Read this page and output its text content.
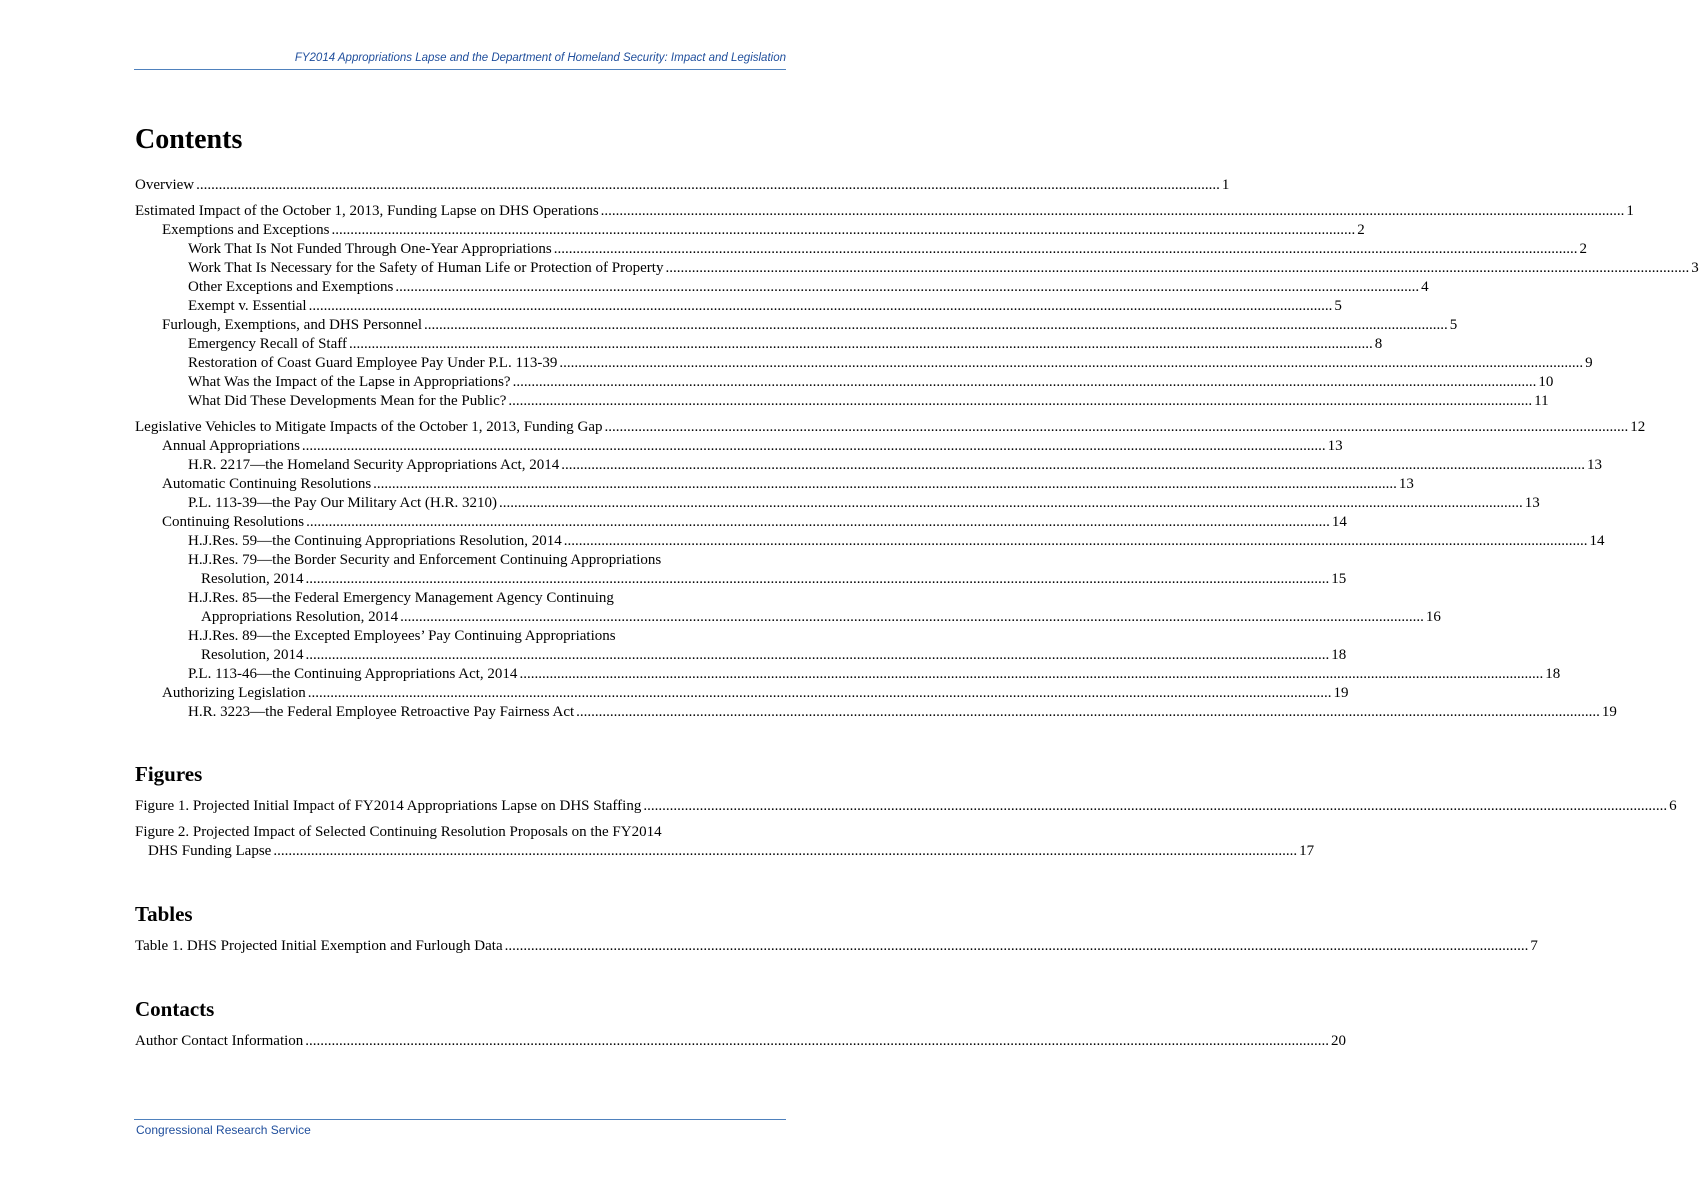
FY2014 Appropriations Lapse and the Department of Homeland Security: Impact and Legislation
Contents
Overview .....	1
Estimated Impact of the October 1, 2013, Funding Lapse on DHS Operations .....	1
Exemptions and Exceptions .....	2
Work That Is Not Funded Through One-Year Appropriations .....	2
Work That Is Necessary for the Safety of Human Life or Protection of Property .....	3
Other Exceptions and Exemptions .....	4
Exempt v. Essential .....	5
Furlough, Exemptions, and DHS Personnel .....	5
Emergency Recall of Staff .....	8
Restoration of Coast Guard Employee Pay Under P.L. 113-39 .....	9
What Was the Impact of the Lapse in Appropriations? .....	10
What Did These Developments Mean for the Public? .....	11
Legislative Vehicles to Mitigate Impacts of the October 1, 2013, Funding Gap .....	12
Annual Appropriations .....	13
H.R. 2217—the Homeland Security Appropriations Act, 2014 .....	13
Automatic Continuing Resolutions .....	13
P.L. 113-39—the Pay Our Military Act (H.R. 3210) .....	13
Continuing Resolutions .....	14
H.J.Res. 59—the Continuing Appropriations Resolution, 2014 .....	14
H.J.Res. 79—the Border Security and Enforcement Continuing Appropriations
Resolution, 2014 .....	15
H.J.Res. 85—the Federal Emergency Management Agency Continuing
Appropriations Resolution, 2014 .....	16
H.J.Res. 89—the Excepted Employees’ Pay Continuing Appropriations
Resolution, 2014 .....	18
P.L. 113-46—the Continuing Appropriations Act, 2014 .....	18
Authorizing Legislation .....	19
H.R. 3223—the Federal Employee Retroactive Pay Fairness Act .....	19
Figures
Figure 1. Projected Initial Impact of FY2014 Appropriations Lapse on DHS Staffing .....	6
Figure 2. Projected Impact of Selected Continuing Resolution Proposals on the FY2014
DHS Funding Lapse .....	17
Tables
Table 1. DHS Projected Initial Exemption and Furlough Data .....	7
Contacts
Author Contact Information .....	20
Congressional Research Service
